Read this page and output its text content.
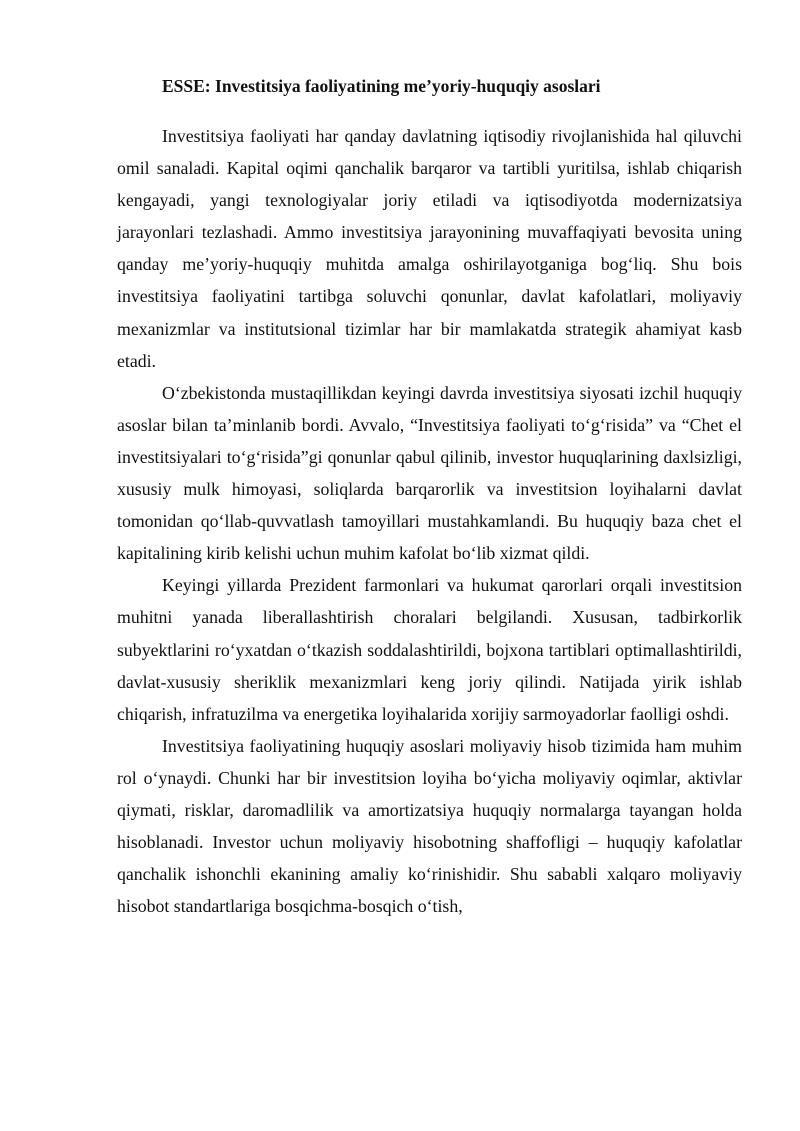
ESSE: Investitsiya faoliyatining me’yoriy-huquqiy asoslari

Investitsiya faoliyati har qanday davlatning iqtisodiy rivojlanishida hal qiluvchi omil sanaladi. Kapital oqimi qanchalik barqaror va tartibli yuritilsa, ishlab chiqarish kengayadi, yangi texnologiyalar joriy etiladi va iqtisodiyotda modernizatsiya jarayonlari tezlashadi. Ammo investitsiya jarayonining muvaffaqiyati bevosita uning qanday me’yoriy-huquqiy muhitda amalga oshirilayotganiga bog‘liq. Shu bois investitsiya faoliyatini tartibga soluvchi qonunlar, davlat kafolatlari, moliyaviy mexanizmlar va institutsional tizimlar har bir mamlakatda strategik ahamiyat kasb etadi.

O‘zbekistonda mustaqillikdan keyingi davrda investitsiya siyosati izchil huquqiy asoslar bilan ta’minlanib bordi. Avvalo, “Investitsiya faoliyati to‘g‘risida” va “Chet el investitsiyalari to‘g‘risida”gi qonunlar qabul qilinib, investor huquqlarining daxlsizligi, xususiy mulk himoyasi, soliqlarda barqarorlik va investitsion loyihalarni davlat tomonidan qo‘llab-quvvatlash tamoyillari mustahkamlandi. Bu huquqiy baza chet el kapitalining kirib kelishi uchun muhim kafolat bo‘lib xizmat qildi.

Keyingi yillarda Prezident farmonlari va hukumat qarorlari orqali investitsion muhitni yanada liberallashtirish choralari belgilandi. Xususan, tadbirkorlik subyektlarini ro‘yxatdan o‘tkazish soddalashtirildi, bojxona tartiblari optimallashtirildi, davlat-xususiy sheriklik mexanizmlari keng joriy qilindi. Natijada yirik ishlab chiqarish, infratuzilma va energetika loyihalarida xorijiy sarmoyadorlar faolligi oshdi.

Investitsiya faoliyatining huquqiy asoslari moliyaviy hisob tizimida ham muhim rol o‘ynaydi. Chunki har bir investitsion loyiha bo‘yicha moliyaviy oqimlar, aktivlar qiymati, risklar, daromadlilik va amortizatsiya huquqiy normalarga tayangan holda hisoblanadi. Investor uchun moliyaviy hisobotning shaffofligi – huquqiy kafolatlar qanchalik ishonchli ekanining amaliy ko‘rinishidir. Shu sababli xalqaro moliyaviy hisobot standartlariga bosqichma-bosqich o‘tish,
